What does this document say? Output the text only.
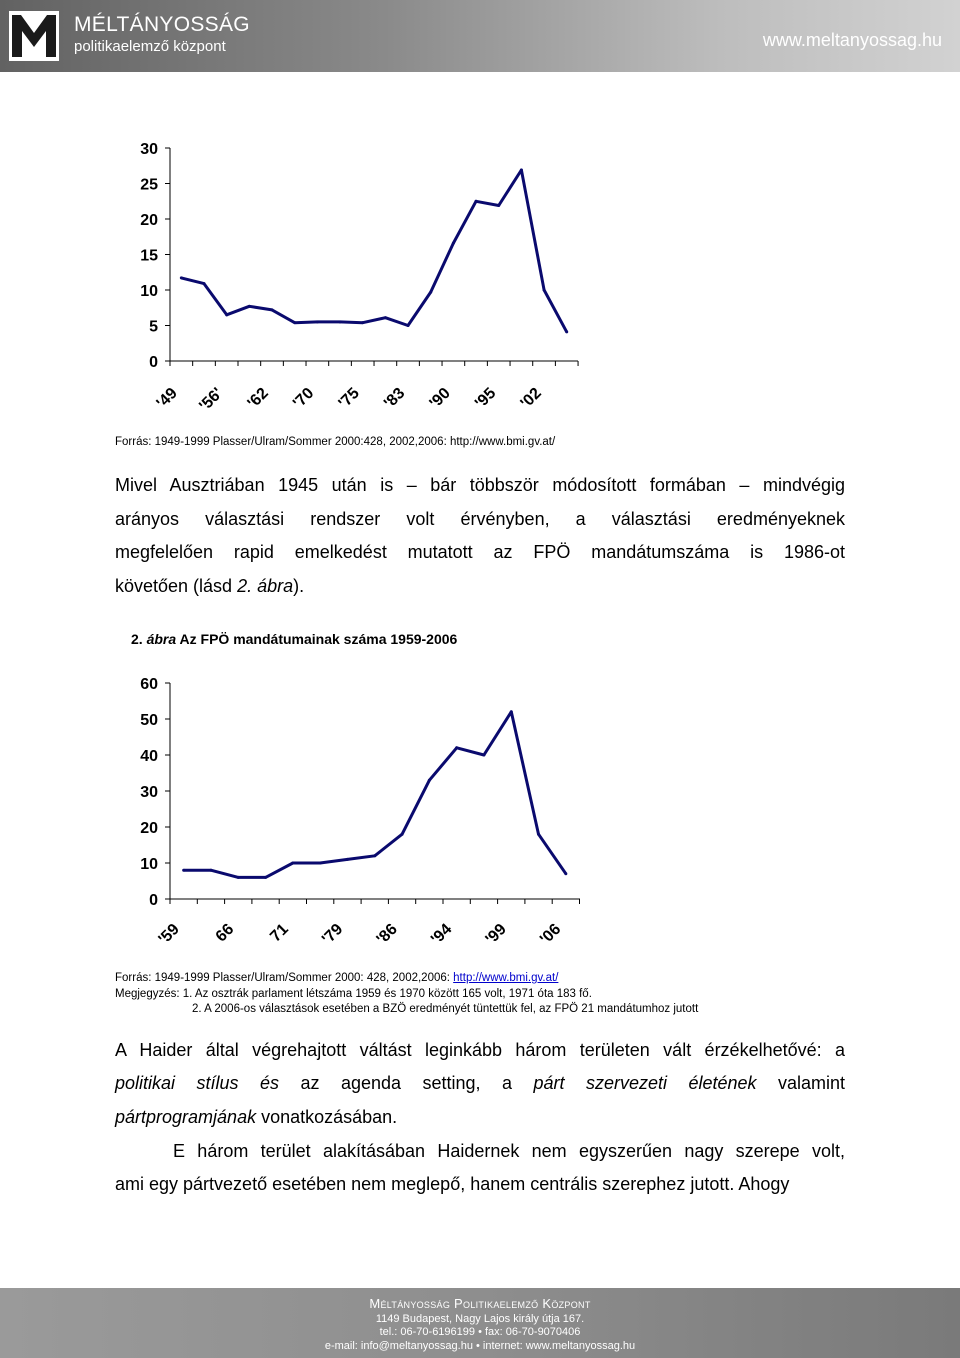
MÉLTÁNYOSSÁG
politikaelemző központ	www.meltanyossag.hu
0
5
10
15
20
25
30
'49 '56' '62 '70 '75 '83 '90 '95 '02
Forrás: 1949-1999 Plasser/Ulram/Sommer 2000:428, 2002,2006: http://www.bmi.gv.at/
Mivel Ausztriában 1945 után is – bár többször módosított formában – mindvégig
arányos választási rendszer volt érvényben, a választási eredményeknek
megfelelően rapid emelkedést mutatott az FPÖ mandátumszáma is 1986-ot
követően (lásd 2. ábra).
2. ábra Az FPÖ mandátumainak száma 1959-2006
0
10
20
30
40
50
60
'59 66 71 '79 '86 '94 '99 '06
Forrás: 1949-1999 Plasser/Ulram/Sommer 2000: 428, 2002,2006: http://www.bmi.gv.at/
Megjegyzés: 1. Az osztrák parlament létszáma 1959 és 1970 között 165 volt, 1971 óta 183 fő.
2. A 2006-os választások esetében a BZÖ eredményét tüntettük fel, az FPÖ 21 mandátumhoz jutott
A Haider által végrehajtott váltást leginkább három területen vált érzékelhetővé: a
politikai stílus és az agenda setting, a párt szervezeti életének valamint
pártprogramjának vonatkozásában.
E három terület alakításában Haidernek nem egyszerűen nagy szerepe volt,
ami egy pártvezető esetében nem meglepő, hanem centrális szerephez jutott. Ahogy
Méltányosság Politikaelemző Központ
1149 Budapest, Nagy Lajos király útja 167.
tel.: 06-70-6196199 • fax: 06-70-9070406
e-mail: info@meltanyossag.hu • internet: www.meltanyossag.hu
